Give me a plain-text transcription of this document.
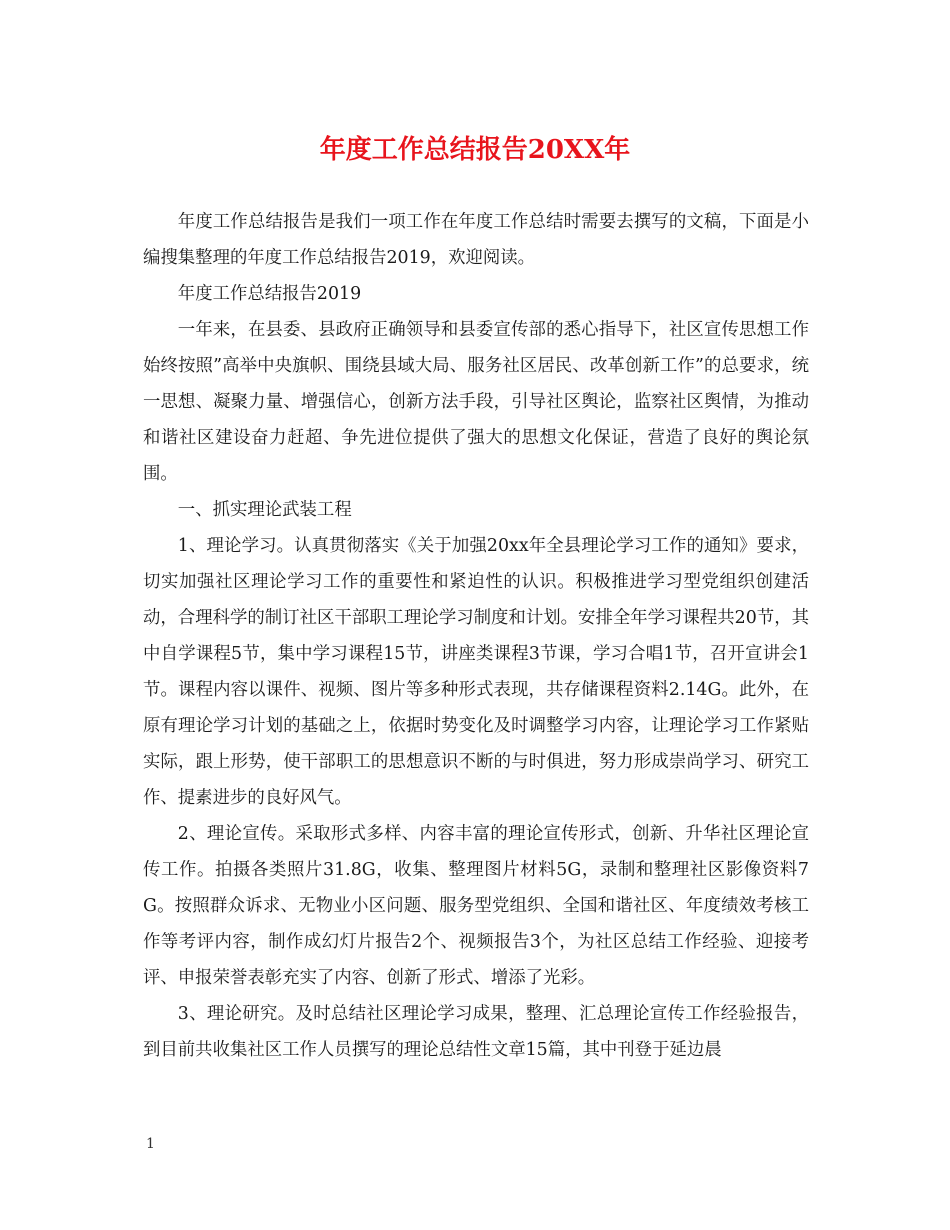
年度工作总结报告20XX年

年度工作总结报告是我们一项工作在年度工作总结时需要去撰写的文稿，下面是小编搜集整理的年度工作总结报告2019，欢迎阅读。

年度工作总结报告2019

一年来，在县委、县政府正确领导和县委宣传部的悉心指导下，社区宣传思想工作始终按照”高举中央旗帜、围绕县域大局、服务社区居民、改革创新工作”的总要求，统一思想、凝聚力量、增强信心，创新方法手段，引导社区舆论，监察社区舆情，为推动和谐社区建设奋力赶超、争先进位提供了强大的思想文化保证，营造了良好的舆论氛围。

一、抓实理论武装工程

1、理论学习。认真贯彻落实《关于加强20xx年全县理论学习工作的通知》要求，切实加强社区理论学习工作的重要性和紧迫性的认识。积极推进学习型党组织创建活动，合理科学的制订社区干部职工理论学习制度和计划。安排全年学习课程共20节，其中自学课程5节，集中学习课程15节，讲座类课程3节课，学习合唱1节，召开宣讲会1节。课程内容以课件、视频、图片等多种形式表现，共存储课程资料2.14G。此外，在原有理论学习计划的基础之上，依据时势变化及时调整学习内容，让理论学习工作紧贴实际，跟上形势，使干部职工的思想意识不断的与时俱进，努力形成崇尚学习、研究工作、提素进步的良好风气。

2、理论宣传。采取形式多样、内容丰富的理论宣传形式，创新、升华社区理论宣传工作。拍摄各类照片31.8G，收集、整理图片材料5G，录制和整理社区影像资料7G。按照群众诉求、无物业小区问题、服务型党组织、全国和谐社区、年度绩效考核工作等考评内容，制作成幻灯片报告2个、视频报告3个，为社区总结工作经验、迎接考评、申报荣誉表彰充实了内容、创新了形式、增添了光彩。

3、理论研究。及时总结社区理论学习成果，整理、汇总理论宣传工作经验报告，到目前共收集社区工作人员撰写的理论总结性文章15篇，其中刊登于延边晨

1
